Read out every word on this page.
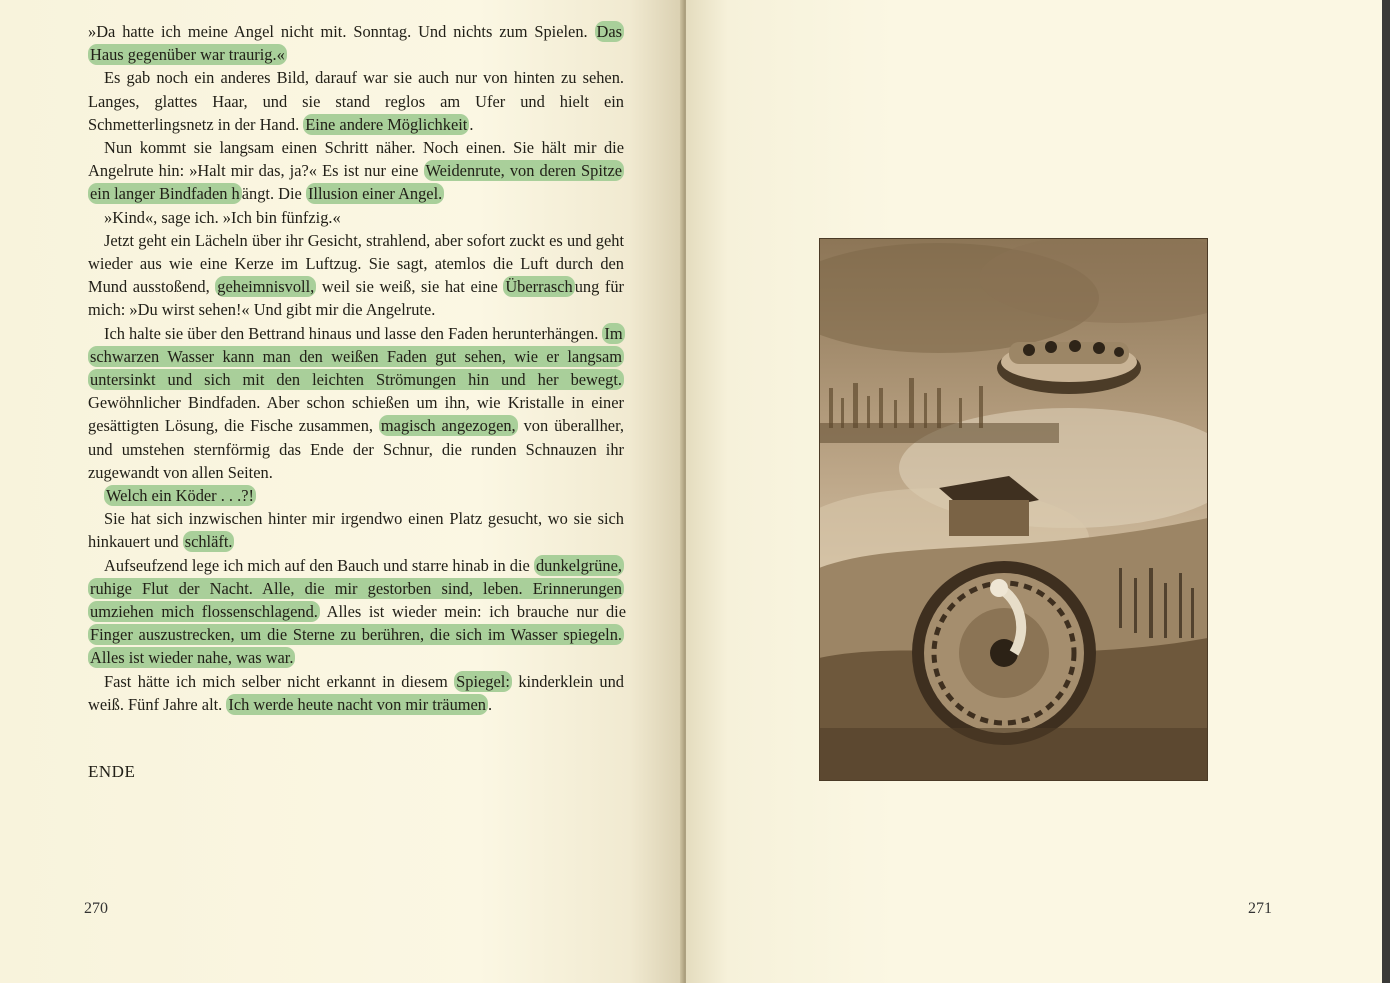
»Da hatte ich meine Angel nicht mit. Sonntag. Und nichts zum Spielen. Das Haus gegenüber war traurig.«

Es gab noch ein anderes Bild, darauf war sie auch nur von hinten zu sehen. Langes, glattes Haar, und sie stand reglos am Ufer und hielt ein Schmetterlingsnetz in der Hand. Eine andere Möglichkeit .

Nun kommt sie langsam einen Schritt näher. Noch einen. Sie hält mir die Angelrute hin: »Halt mir das, ja?« Es ist nur eine Weidenrute, von deren Spitze ein langer Bindfaden h ängt. Die Illusion einer Angel.

»Kind«, sage ich. »Ich bin fünfzig.«

Jetzt geht ein Lächeln über ihr Gesicht, strahlend, aber sofort zuckt es und geht wieder aus wie eine Kerze im Luftzug. Sie sagt, atemlos die Luft durch den Mund ausstoßend, geheimnisvoll, weil sie weiß, sie hat eine Überrasch ung für mich: »Du wirst sehen!« Und gibt mir die Angelrute.

Ich halte sie über den Bettrand hinaus und lasse den Faden herunterhängen. Im schwarzen Wasser kann man den weißen Faden gut sehen, wie er langsam untersinkt und sich mit den leichten Strömungen hin und her bewegt. Gewöhnlicher Bindfaden. Aber schon schießen um ihn, wie Kristalle in einer gesättigten Lösung, die Fische zusammen, magisch angezogen, von überallher, und umstehen sternförmig das Ende der Schnur, die runden Schnauzen ihr zugewandt von allen Seiten.

Welch ein Köder . . .?!

Sie hat sich inzwischen hinter mir irgendwo einen Platz gesucht, wo sie sich hinkauert und schläft.

Aufseufzend lege ich mich auf den Bauch und starre hinab in die dunkelgrüne, ruhige Flut der Nacht. Alle, die mir gestorben sind, leben. Erinnerungen umziehen mich flossenschlagend. Alles ist wieder mein: ich brauche nur die Finger auszustrecken, um die Sterne zu berühren, die sich im Wasser spiegeln. Alles ist wieder nahe, was war.

Fast hätte ich mich selber nicht erkannt in diesem Spiegel: kinderklein und weiß. Fünf Jahre alt. Ich werde heute nacht von mir träumen .

ENDE
270	271
